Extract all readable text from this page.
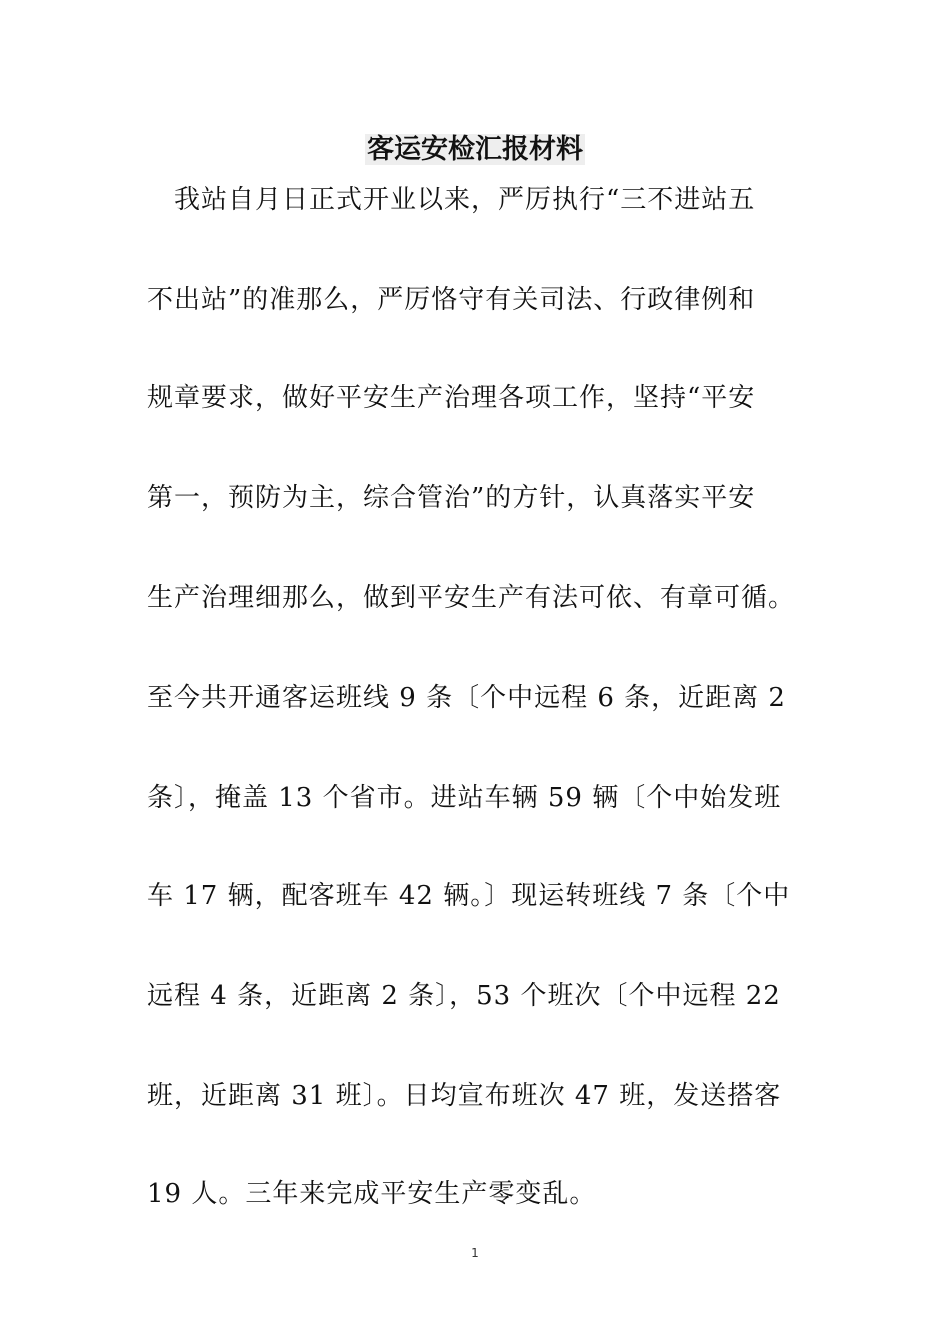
客运安检汇报材料
　我站自月日正式开业以来，严厉执行“三不进站五
不出站”的准那么，严厉恪守有关司法、行政律例和
规章要求，做好平安生产治理各项工作，坚持“平安
第一，预防为主，综合管治”的方针，认真落实平安
生产治理细那么，做到平安生产有法可依、有章可循。
至今共开通客运班线 9 条〔个中远程 6 条，近距离 2
条〕，掩盖 13 个省市。进站车辆 59 辆〔个中始发班
车 17 辆，配客班车 42 辆。〕现运转班线 7 条〔个中
远程 4 条，近距离 2 条〕，53 个班次〔个中远程 22
班，近距离 31 班〕。日均宣布班次 47 班，发送搭客
19 人。三年来完成平安生产零变乱。
1
